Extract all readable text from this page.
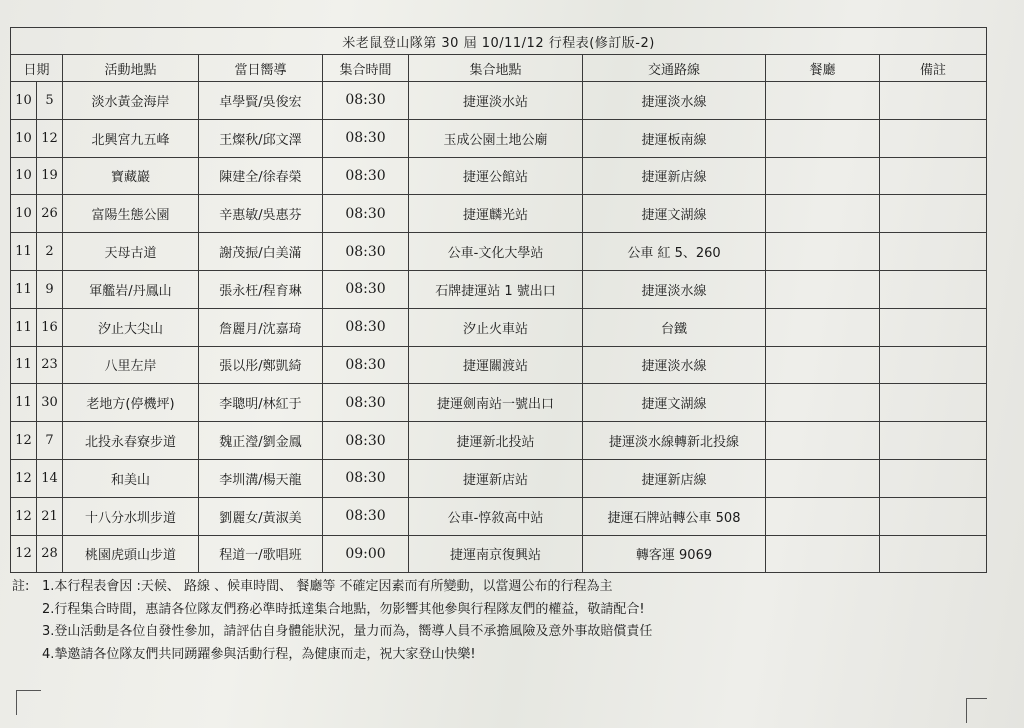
米老鼠登山隊第 30 屆 10/11/12 行程表(修訂版-2)								
日期		活動地點	當日嚮導	集合時間	集合地點	交通路線	餐廳	備註
10	5	淡水黃金海岸	卓學賢/吳俊宏	08:30	捷運淡水站	捷運淡水線		
10	12	北興宮九五峰	王燦秋/邱文澤	08:30	玉成公園土地公廟	捷運板南線		
10	19	寶藏巖	陳建全/徐春榮	08:30	捷運公館站	捷運新店線		
10	26	富陽生態公園	辛惠敏/吳惠芬	08:30	捷運麟光站	捷運文湖線		
11	2	天母古道	謝茂振/白美滿	08:30	公車-文化大學站	公車 紅 5、260		
11	9	軍艦岩/丹鳳山	張永枉/程育琳	08:30	石牌捷運站 1 號出口	捷運淡水線		
11	16	汐止大尖山	詹麗月/沈嘉琦	08:30	汐止火車站	台鐵		
11	23	八里左岸	張以彤/鄭凱綺	08:30	捷運關渡站	捷運淡水線		
11	30	老地方(停機坪)	李聰明/林紅于	08:30	捷運劍南站一號出口	捷運文湖線		
12	7	北投永春寮步道	魏正瀅/劉金鳳	08:30	捷運新北投站	捷運淡水線轉新北投線		
12	14	和美山	李圳溝/楊天龍	08:30	捷運新店站	捷運新店線		
12	21	十八分水圳步道	劉麗女/黃淑美	08:30	公車-惇敘高中站	捷運石牌站轉公車 508		
12	28	桃園虎頭山步道	程道一/歌唱班	09:00	捷運南京復興站	轉客運 9069		
註: 1.本行程表會因 :天候、 路線 、候車時間、 餐廳等 不確定因素而有所變動，以當週公布的行程為主
2.行程集合時間，惠請各位隊友們務必準時抵達集合地點，勿影響其他參與行程隊友們的權益，敬請配合!
3.登山活動是各位自發性參加，請評估自身體能狀況，量力而為，嚮導人員不承擔風險及意外事故賠償責任
4.摯邀請各位隊友們共同踴躍參與活動行程，為健康而走，祝大家登山快樂!
